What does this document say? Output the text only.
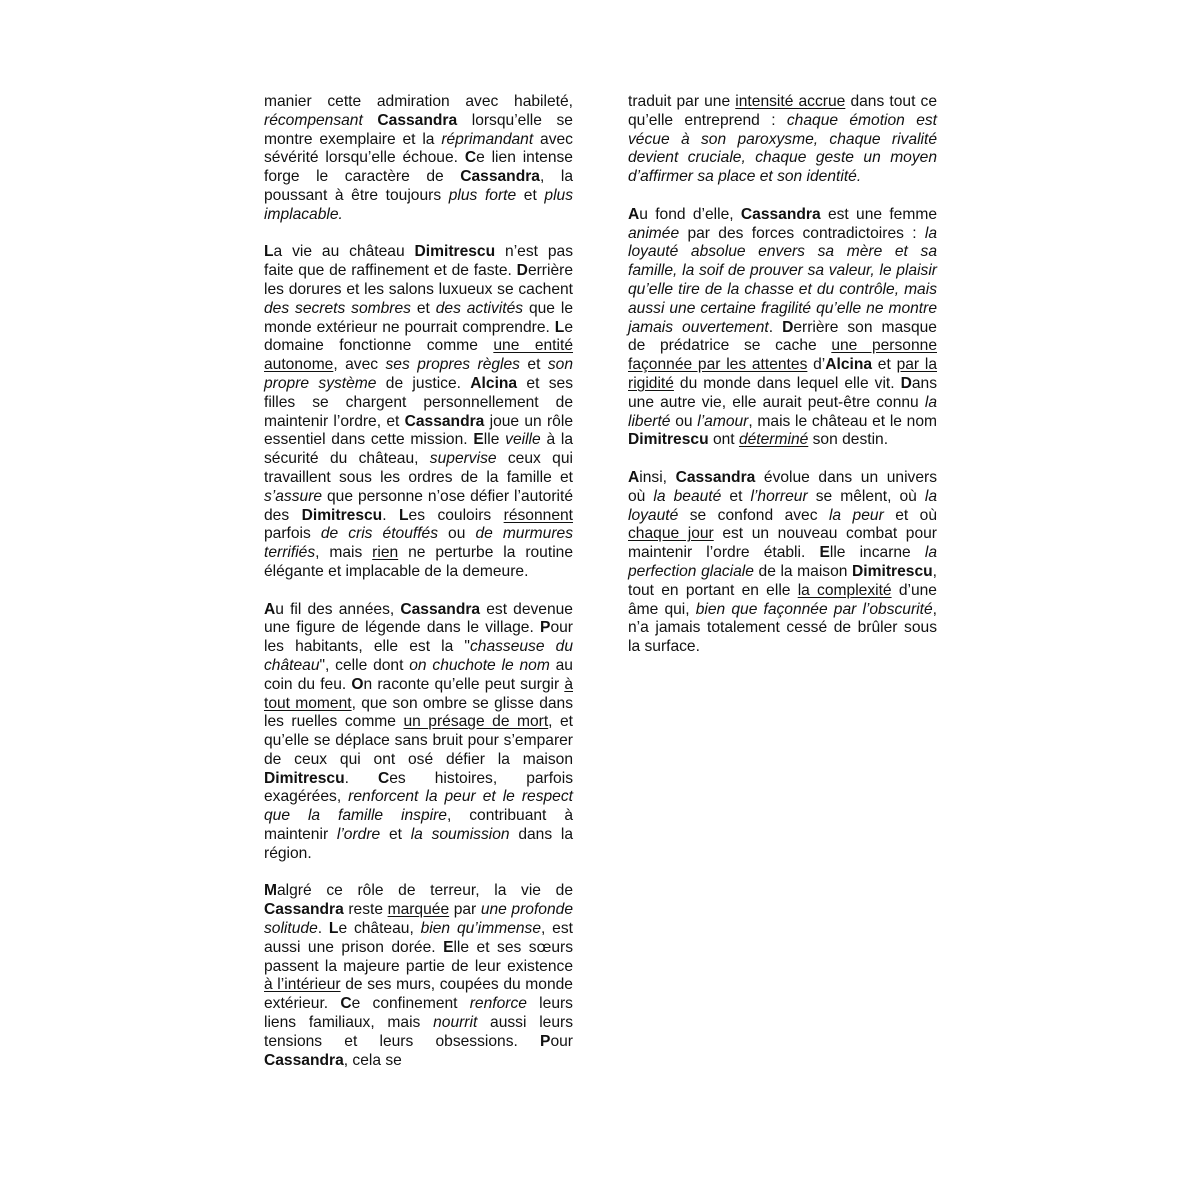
manier cette admiration avec habileté, récompensant Cassandra lorsqu’elle se montre exemplaire et la réprimandant avec sévérité lorsqu’elle échoue. Ce lien intense forge le caractère de Cassandra, la poussant à être toujours plus forte et plus implacable.

La vie au château Dimitrescu n’est pas faite que de raffinement et de faste. Derrière les dorures et les salons luxueux se cachent des secrets sombres et des activités que le monde extérieur ne pourrait comprendre. Le domaine fonctionne comme une entité autonome, avec ses propres règles et son propre système de justice. Alcina et ses filles se chargent personnellement de maintenir l’ordre, et Cassandra joue un rôle essentiel dans cette mission. Elle veille à la sécurité du château, supervise ceux qui travaillent sous les ordres de la famille et s’assure que personne n’ose défier l’autorité des Dimitrescu. Les couloirs résonnent parfois de cris étouffés ou de murmures terrifiés, mais rien ne perturbe la routine élégante et implacable de la demeure.

Au fil des années, Cassandra est devenue une figure de légende dans le village. Pour les habitants, elle est la "chasseuse du château", celle dont on chuchote le nom au coin du feu. On raconte qu’elle peut surgir à tout moment, que son ombre se glisse dans les ruelles comme un présage de mort, et qu’elle se déplace sans bruit pour s’emparer de ceux qui ont osé défier la maison Dimitrescu. Ces histoires, parfois exagérées, renforcent la peur et le respect que la famille inspire, contribuant à maintenir l’ordre et la soumission dans la région.

Malgré ce rôle de terreur, la vie de Cassandra reste marquée par une profonde solitude. Le château, bien qu’immense, est aussi une prison dorée. Elle et ses sœurs passent la majeure partie de leur existence à l’intérieur de ses murs, coupées du monde extérieur. Ce confinement renforce leurs liens familiaux, mais nourrit aussi leurs tensions et leurs obsessions. Pour Cassandra, cela se

traduit par une intensité accrue dans tout ce qu’elle entreprend : chaque émotion est vécue à son paroxysme, chaque rivalité devient cruciale, chaque geste un moyen d’affirmer sa place et son identité.

Au fond d’elle, Cassandra est une femme animée par des forces contradictoires : la loyauté absolue envers sa mère et sa famille, la soif de prouver sa valeur, le plaisir qu’elle tire de la chasse et du contrôle, mais aussi une certaine fragilité qu’elle ne montre jamais ouvertement. Derrière son masque de prédatrice se cache une personne façonnée par les attentes d’Alcina et par la rigidité du monde dans lequel elle vit. Dans une autre vie, elle aurait peut-être connu la liberté ou l’amour, mais le château et le nom Dimitrescu ont déterminé son destin.

Ainsi, Cassandra évolue dans un univers où la beauté et l’horreur se mêlent, où la loyauté se confond avec la peur et où chaque jour est un nouveau combat pour maintenir l’ordre établi. Elle incarne la perfection glaciale de la maison Dimitrescu, tout en portant en elle la complexité d’une âme qui, bien que façonnée par l’obscurité, n’a jamais totalement cessé de brûler sous la surface.
